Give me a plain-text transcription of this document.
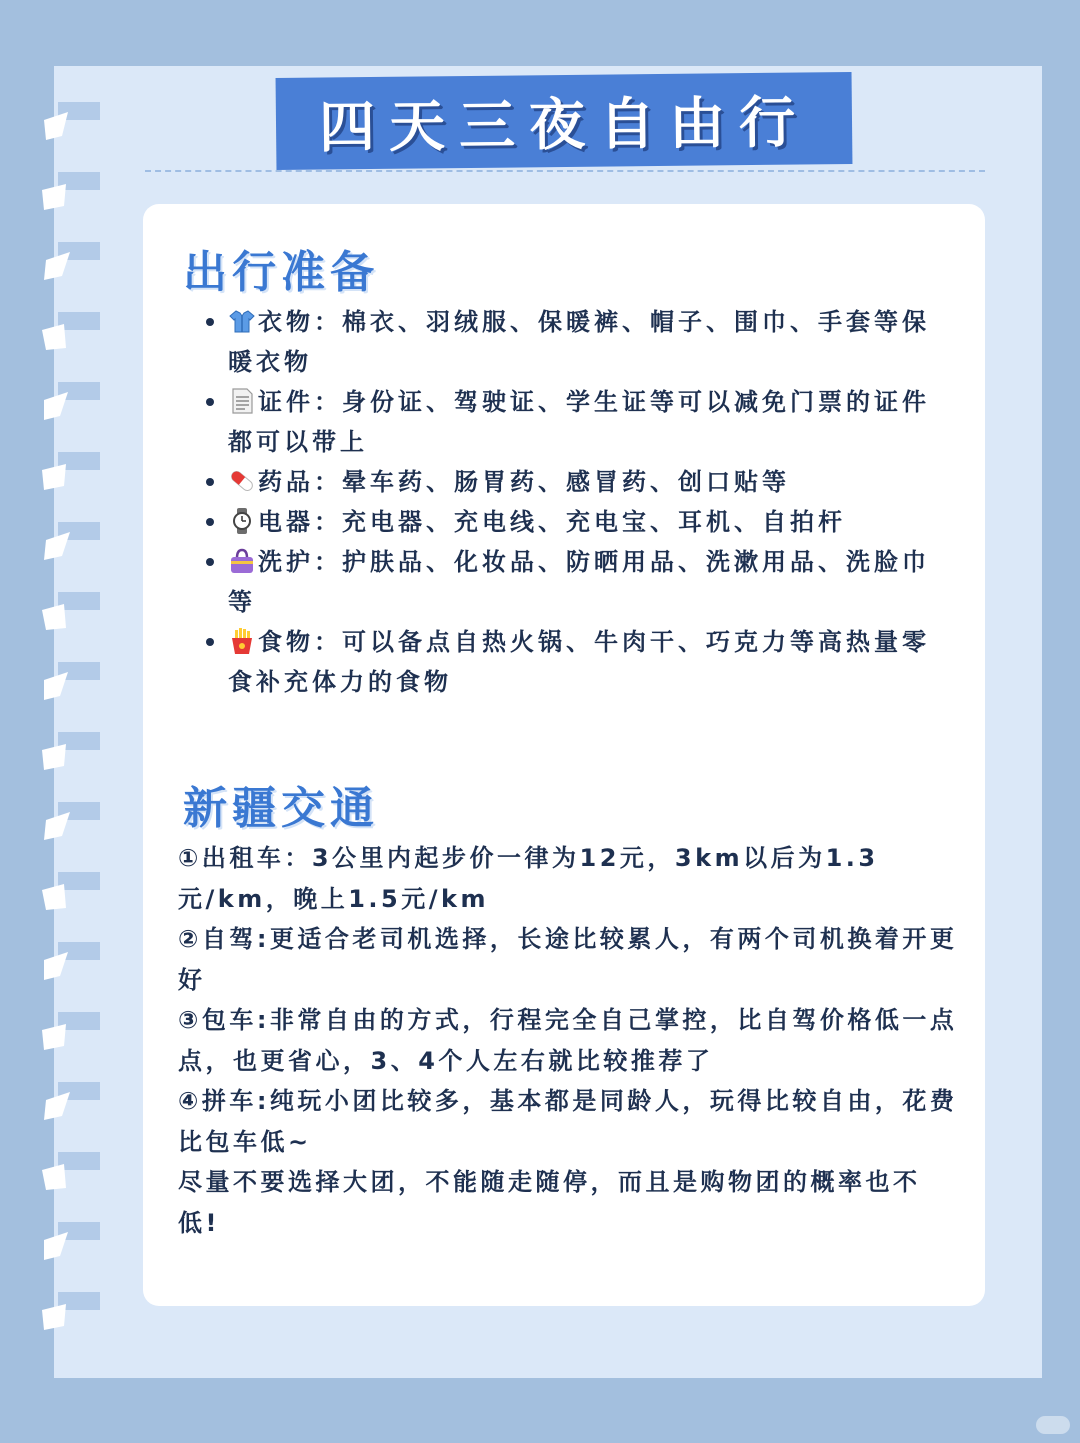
四天三夜自由行
出行准备
衣物：棉衣、羽绒服、保暖裤、帽子、围巾、手套等保暖衣物
证件：身份证、驾驶证、学生证等可以减免门票的证件都可以带上
药品：晕车药、肠胃药、感冒药、创口贴等
电器：充电器、充电线、充电宝、耳机、自拍杆
洗护：护肤品、化妆品、防晒用品、洗漱用品、洗脸巾等
食物：可以备点自热火锅、牛肉干、巧克力等高热量零食补充体力的食物
新疆交通

①出租车：3公里内起步价一律为12元，3km以后为1.3元/km，晚上1.5元/km

②自驾:更适合老司机选择，长途比较累人，有两个司机换着开更好

③包车:非常自由的方式，行程完全自己掌控，比自驾价格低一点点，也更省心，3、4个人左右就比较推荐了

④拼车:纯玩小团比较多，基本都是同龄人，玩得比较自由，花费比包车低~

尽量不要选择大团，不能随走随停，而且是购物团的概率也不低!
